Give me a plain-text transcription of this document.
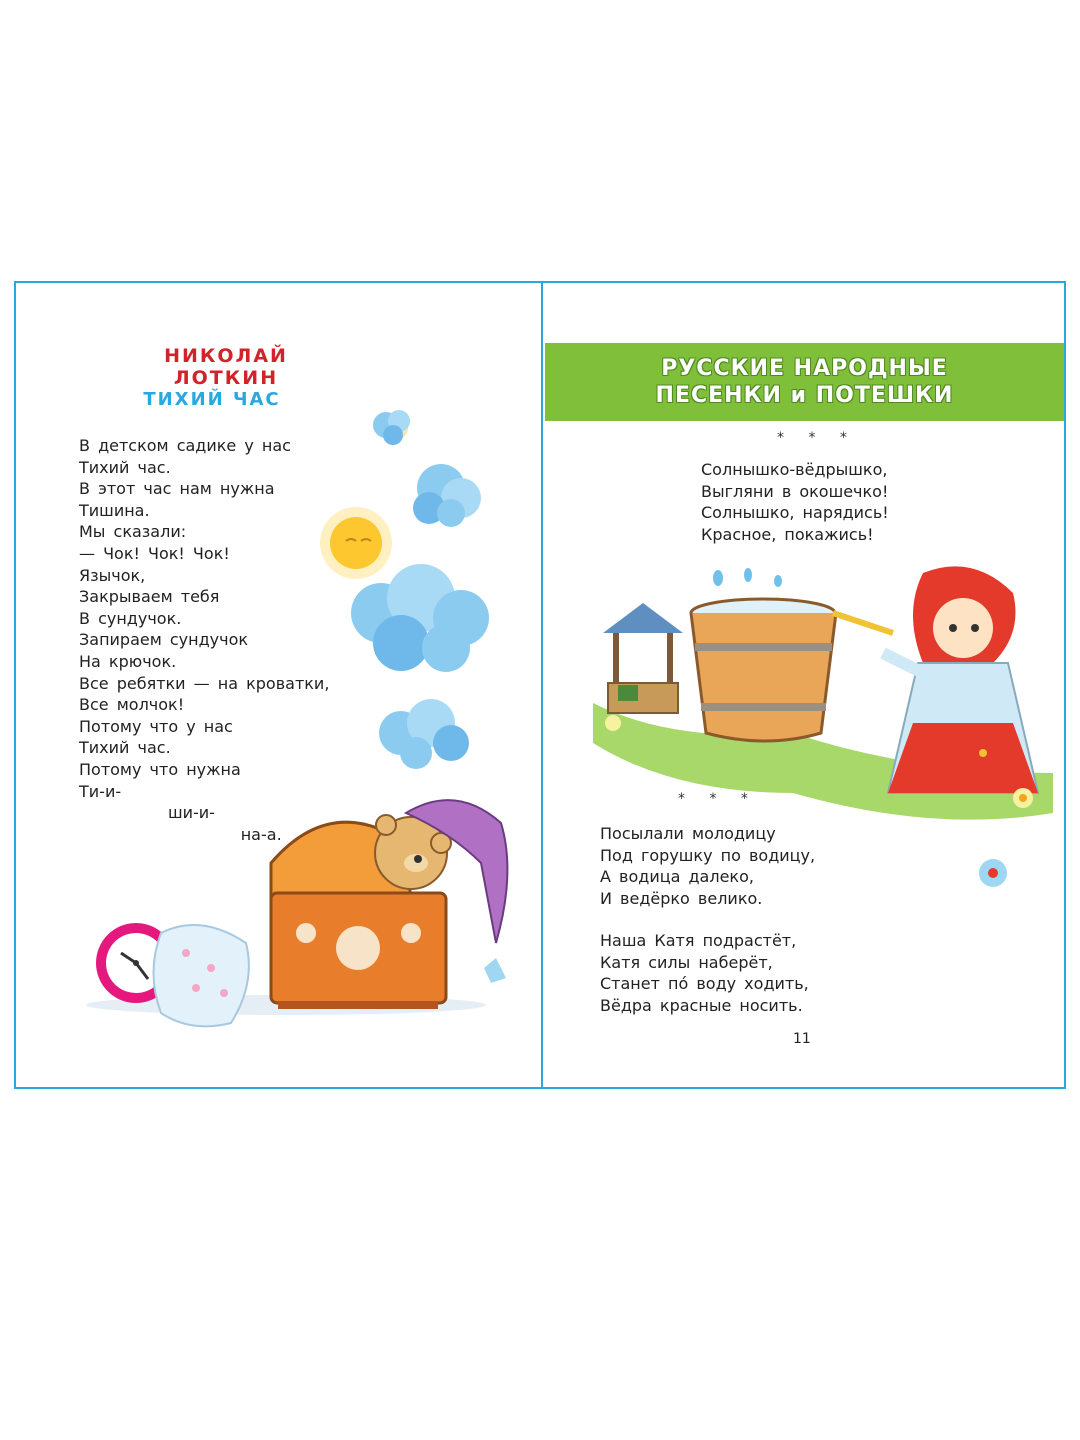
НИКОЛАЙ ЛОТКИН
ТИХИЙ ЧАС
В детском садике у нас
Тихий час.
В этот час нам нужна
Тишина.
Мы сказали:
— Чок! Чок! Чок!
Язычок,
Закрываем тебя
В сундучок.
Запираем сундучок
На крючок.
Все ребятки — на кроватки,
Все молчок!
Потому что у нас
Тихий час.
Потому что нужна
Ти-и-
ши-и-
на-а.
РУССКИЕ НАРОДНЫЕ
ПЕСЕНКИ и ПОТЕШКИ
* * *
Солнышко-вёдрышко,
Выгляни в окошечко!
Солнышко, нарядись!
Красное, покажись!
* * *
Посылали молодицу
Под горушку по водицу,
А водица далеко,
И ведёрко велико.
Наша Катя подрастёт,
Катя силы наберёт,
Станет по́ воду ходить,
Вёдра красные носить.
11
